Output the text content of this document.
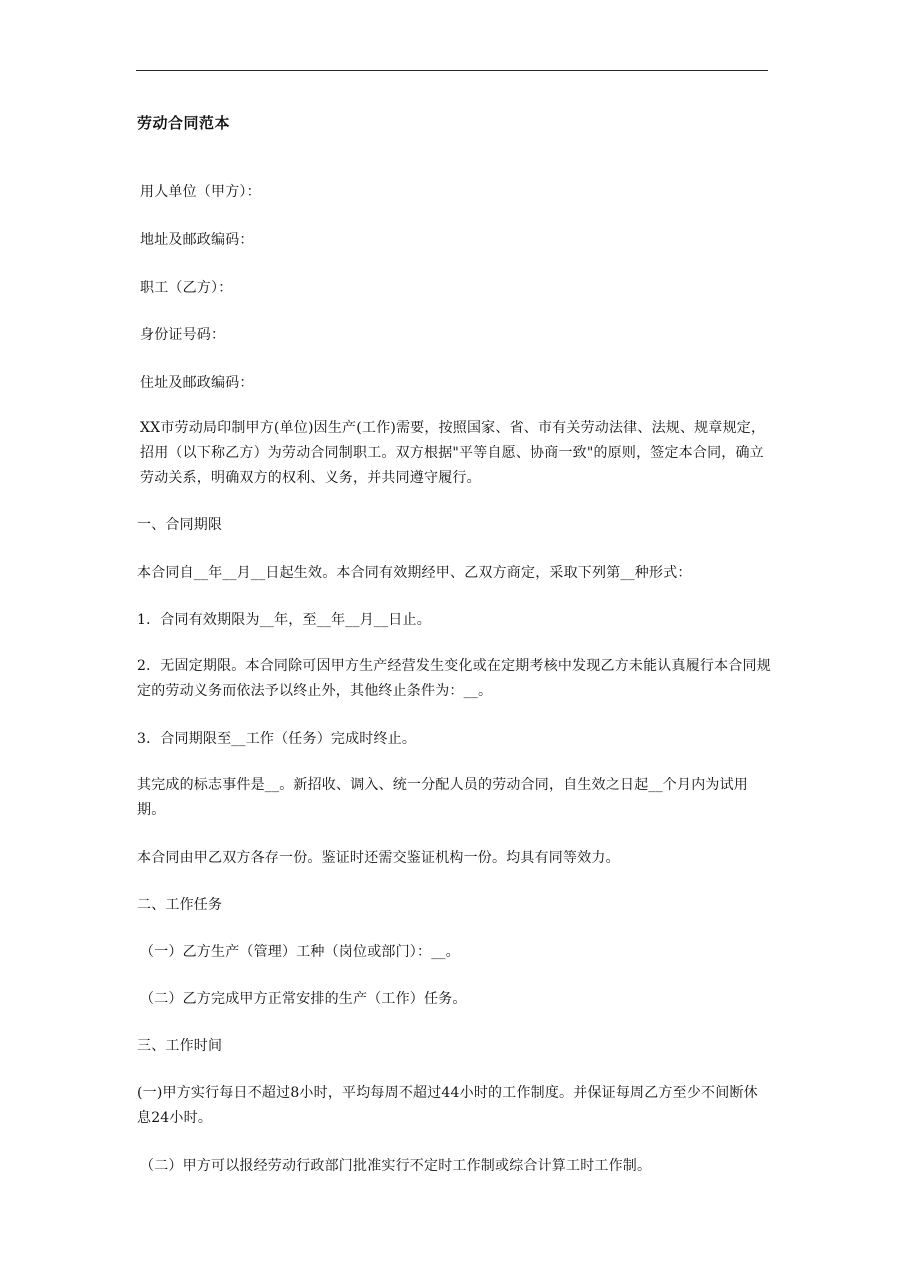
劳动合同范本
用人单位（甲方）：
地址及邮政编码：
职工（乙方）：
身份证号码：
住址及邮政编码：
XX市劳动局印制甲方(单位)因生产(工作)需要，按照国家、省、市有关劳动法律、法规、规章规定，招用（以下称乙方）为劳动合同制职工。双方根据"平等自愿、协商一致"的原则，签定本合同，确立劳动关系，明确双方的权利、义务，并共同遵守履行。
一、合同期限
本合同自__年__月__日起生效。本合同有效期经甲、乙双方商定，采取下列第__种形式：
1．合同有效期限为__年，至__年__月__日止。
2．无固定期限。本合同除可因甲方生产经营发生变化或在定期考核中发现乙方未能认真履行本合同规定的劳动义务而依法予以终止外，其他终止条件为：__。
3．合同期限至__工作（任务）完成时终止。
其完成的标志事件是__。新招收、调入、统一分配人员的劳动合同，自生效之日起__个月内为试用期。
本合同由甲乙双方各存一份。鉴证时还需交鉴证机构一份。均具有同等效力。
二、工作任务
（一）乙方生产（管理）工种（岗位或部门）：__。
（二）乙方完成甲方正常安排的生产（工作）任务。
三、工作时间
(一)甲方实行每日不超过8小时，平均每周不超过44小时的工作制度。并保证每周乙方至少不间断休息24小时。
（二）甲方可以报经劳动行政部门批准实行不定时工作制或综合计算工时工作制。
